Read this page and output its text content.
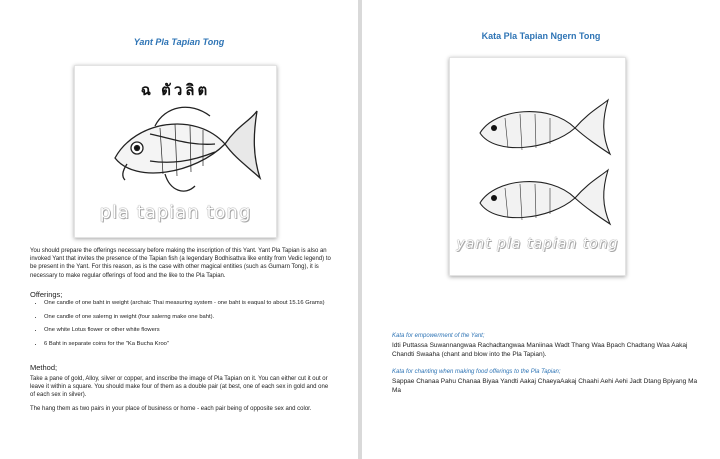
Yant Pla Tapian Tong
ฉ ตัวลิต
pla tapian tong
You should prepare the offerings necessary before making the inscription of this Yant. Yant Pla Tapian is also an invoked Yant that invites the presence of the Tapian fish (a legendary Bodhisattva like entity from Vedic legend) to be present in the Yant. For this reason, as is the case with other magical entities (such as Gumarn Tong), it is necessary to make regular offerings of food and the like to the Pla Tapian.
Offerings;
• One candle of one baht in weight (archaic Thai measuring system - one baht is eaqual to about 15.16 Grams)
• One candle of one salerng in weight (four salerng make one baht).
• One white Lotus flower or other white flowers
• 6 Baht in separate coins for the "Ka Bucha Kroo"
Method;
Take a pane of gold, Alloy, silver or copper, and inscribe the image of Pla Tapian on it. You can either cut it out or leave it within a square. You should make four of them as a double pair (at best, one of each sex in gold and one of each sex in silver).
The hang them as two pairs in your place of business or home - each pair being of opposite sex and color.
Kata Pla Tapian Ngern Tong
yant pla tapian tong
Kata for empowerment of the Yant;
Idti Puttassa Suwannangwaa Rachadtangwaa Maniinaa Wadt Thang Waa Bpach Chadtang Waa Aakaj Chandti Swaaha (chant and blow into the Pla Tapian).
Kata for chanting when making food offerings to the Pla Tapian;
Sappae Chanaa Pahu Chanaa Biyaa Yandti Aakaj ChaeyaAakaj Chaahi Aehi Aehi Jadt Dtang Bpiyang Ma Ma
